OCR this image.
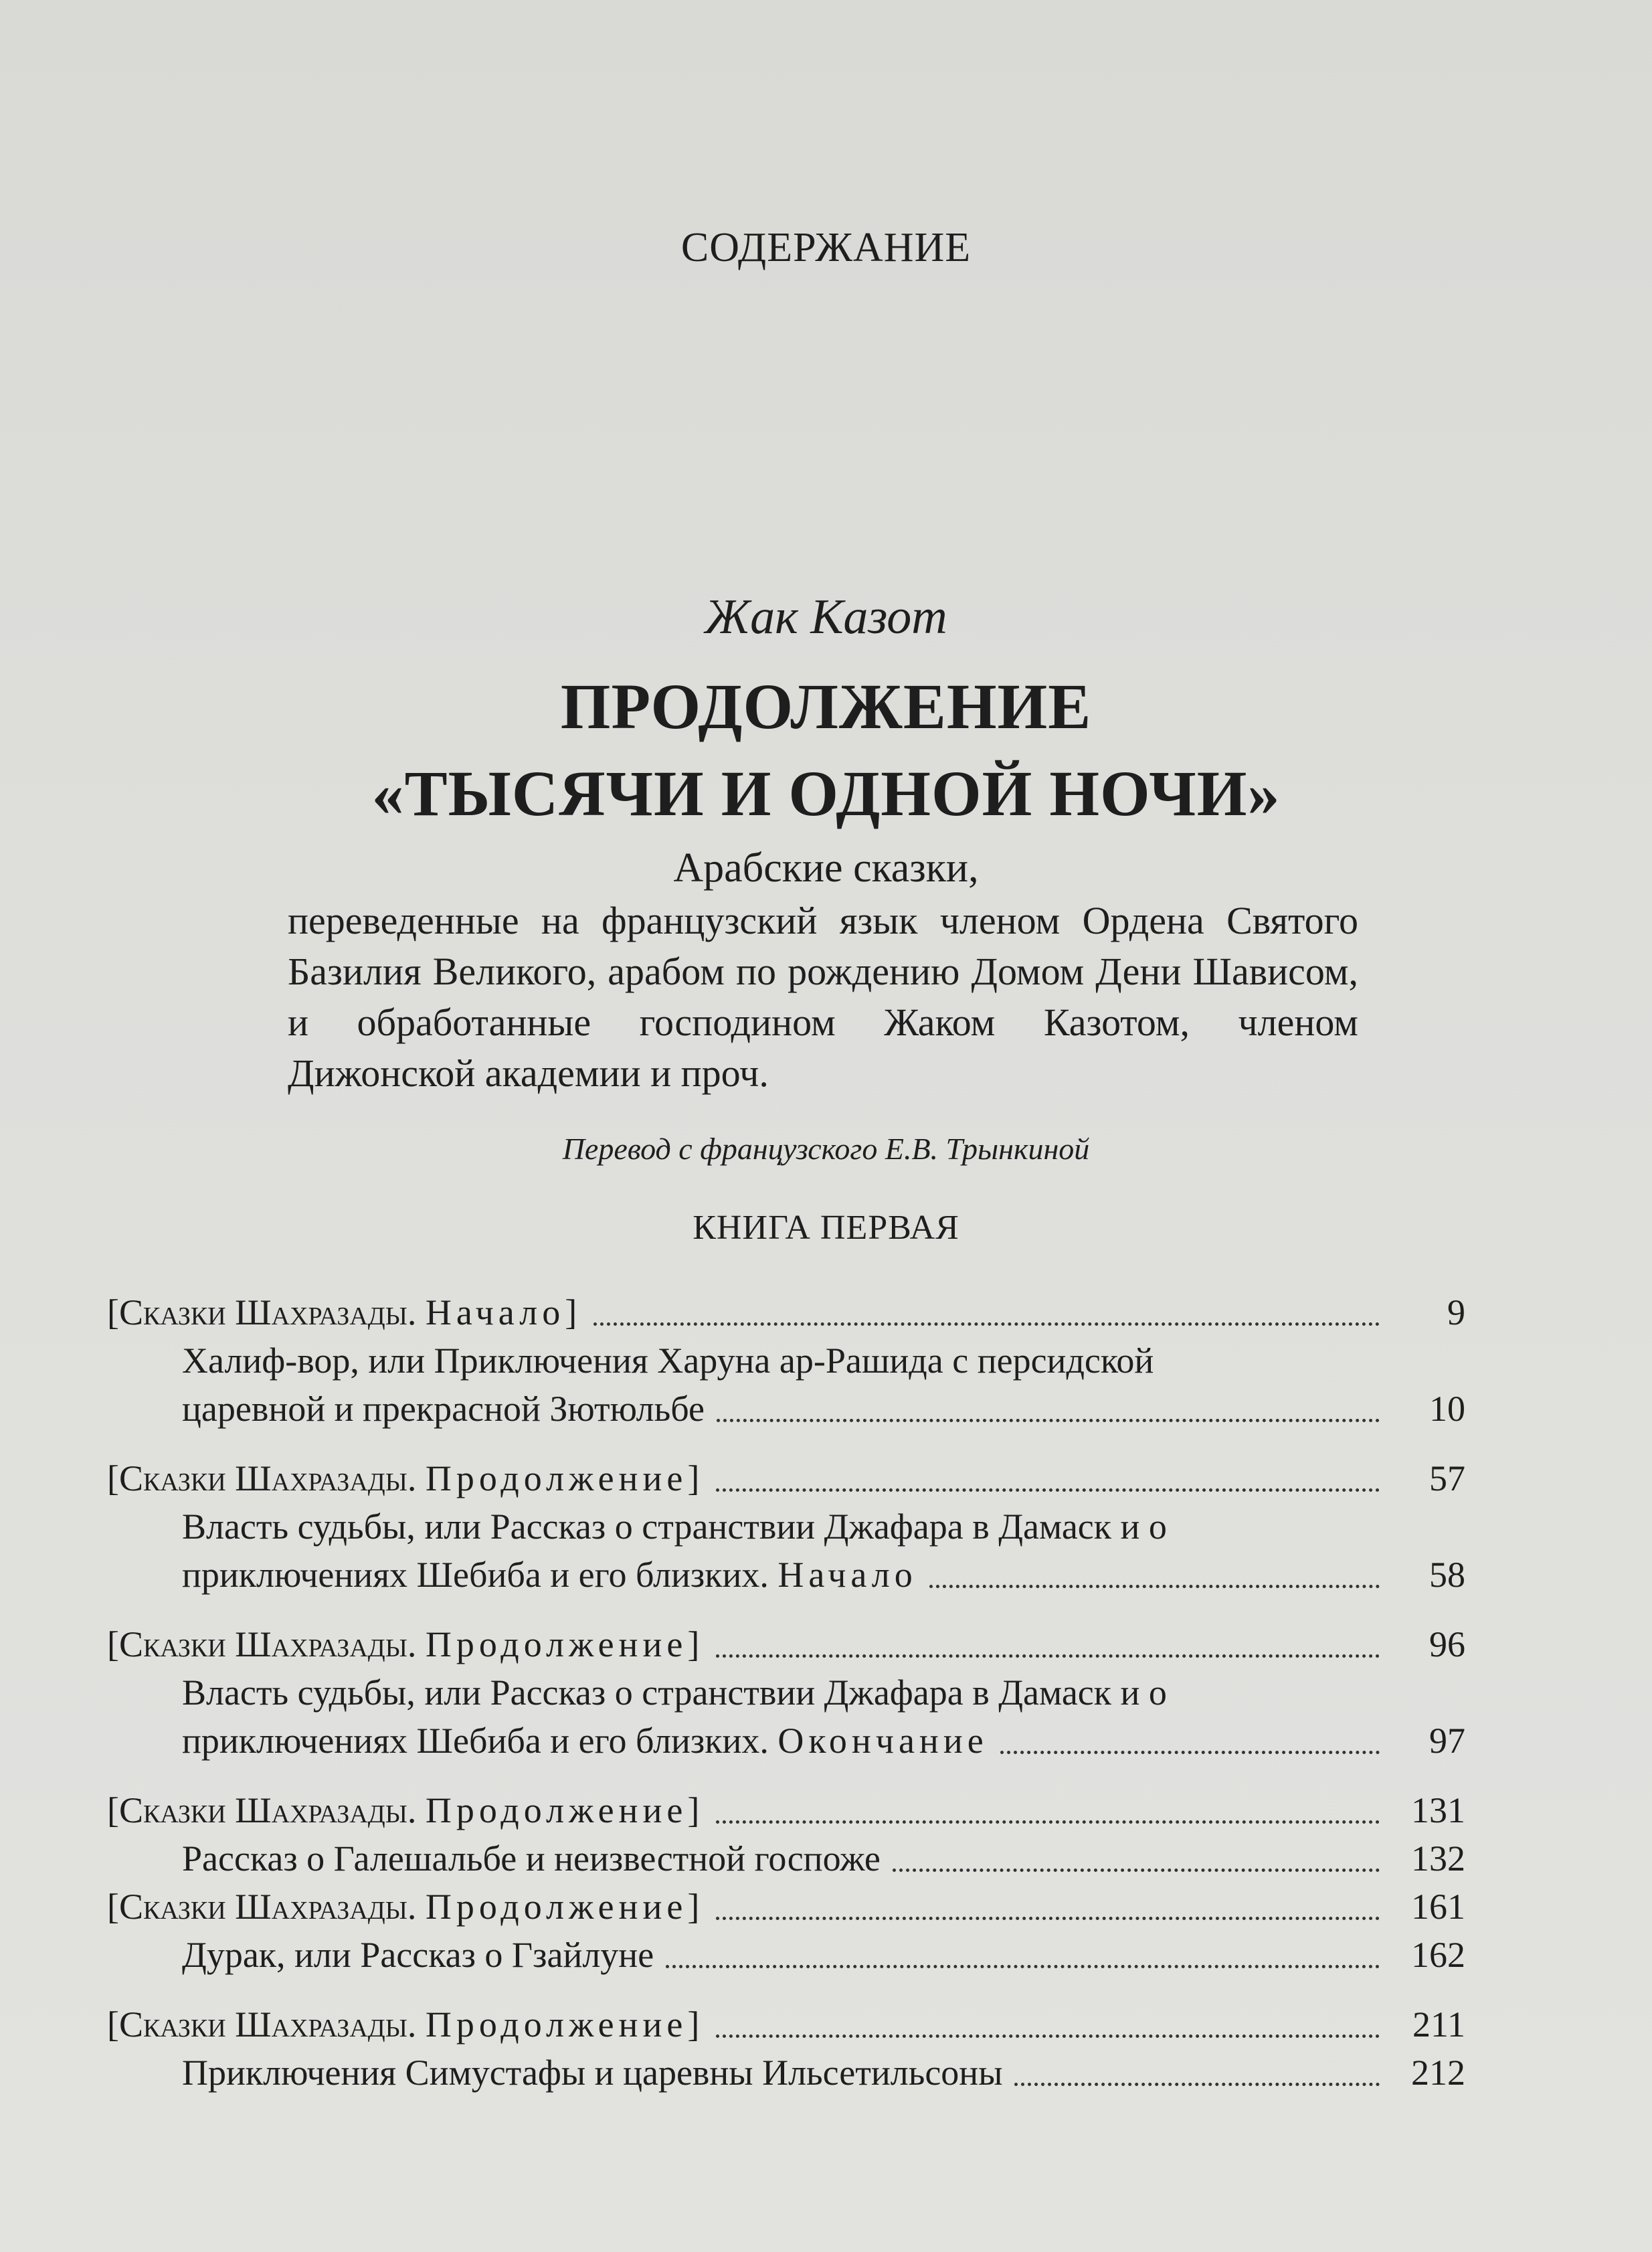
СОДЕРЖАНИЕ
Жак Казот
ПРОДОЛЖЕНИЕ
«ТЫСЯЧИ И ОДНОЙ НОЧИ»
Арабские сказки,
переведенные на французский язык членом Ордена Святого Базилия Великого, арабом по рождению Домом Дени Шависом, и обработанные господином Жаком Казотом, членом Дижонской академии и проч.
Перевод с французского Е.В. Трынкиной
КНИГА ПЕРВАЯ
[Сказки Шахразады. Начало]	9
Халиф-вор, или Приключения Харуна ар-Рашида с персидской
царевной и прекрасной Зютюльбе	10
[Сказки Шахразады. Продолжение]	57
Власть судьбы, или Рассказ о странствии Джафара в Дамаск и о
приключениях Шебиба и его близких. Начало	58
[Сказки Шахразады. Продолжение]	96
Власть судьбы, или Рассказ о странствии Джафара в Дамаск и о
приключениях Шебиба и его близких. Окончание	97
[Сказки Шахразады. Продолжение]	131
Рассказ о Галешальбе и неизвестной госпоже	132
[Сказки Шахразады. Продолжение]	161
Дурак, или Рассказ о Гзайлуне	162
[Сказки Шахразады. Продолжение]	211
Приключения Симустафы и царевны Ильсетильсоны	212
